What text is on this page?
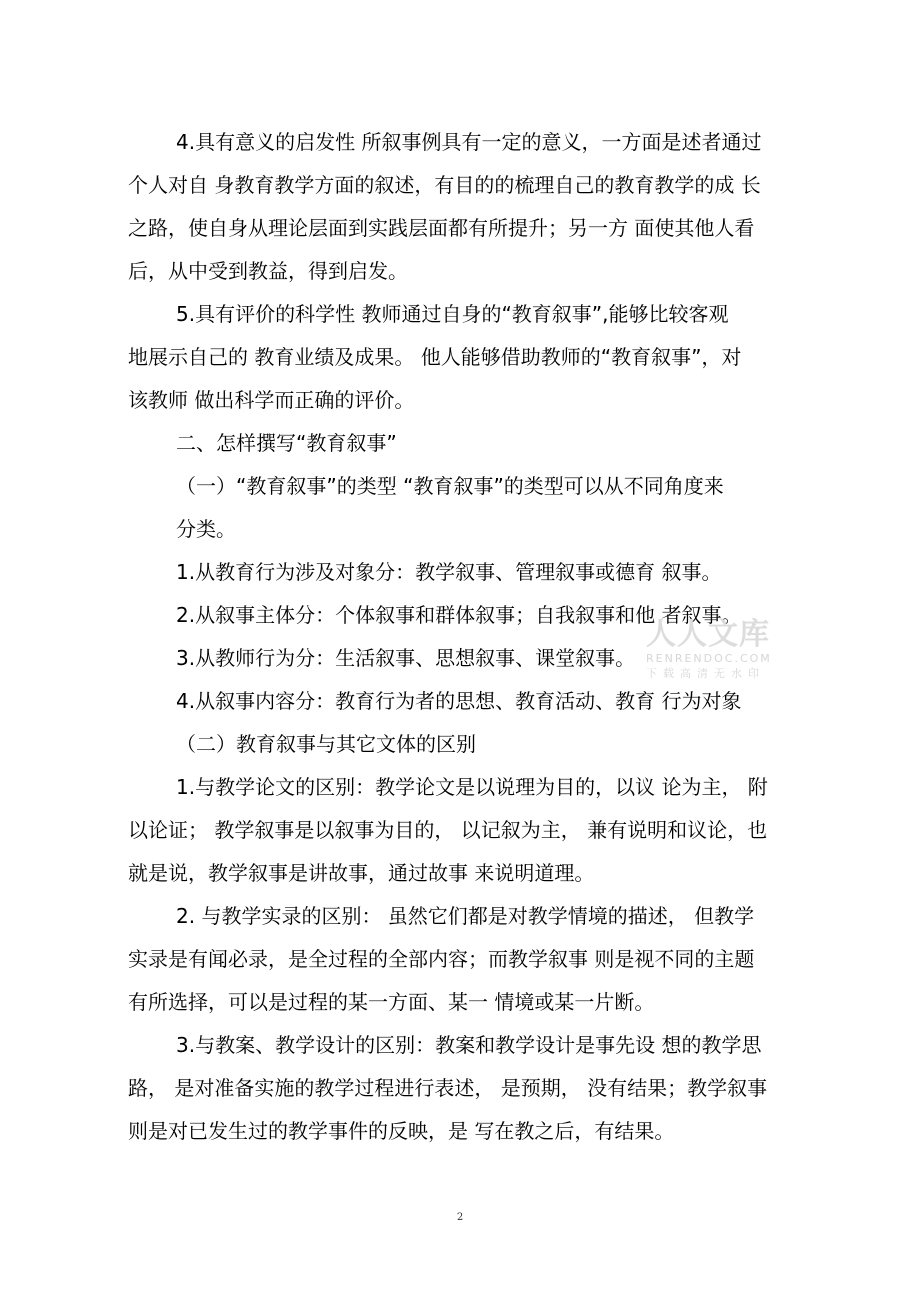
4.具有意义的启发性 所叙事例具有一定的意义，一方面是述者通过
个人对自 身教育教学方面的叙述，有目的的梳理自己的教育教学的成 长
之路，使自身从理论层面到实践层面都有所提升；另一方 面使其他人看
后，从中受到教益，得到启发。

5.具有评价的科学性 教师通过自身的“教育叙事”,能够比较客观
地展示自己的 教育业绩及成果。 他人能够借助教师的“教育叙事”，对
该教师 做出科学而正确的评价。

二、怎样撰写“教育叙事”

（一）“教育叙事”的类型 “教育叙事”的类型可以从不同角度来
分类。

1.从教育行为涉及对象分：教学叙事、管理叙事或德育 叙事。

2.从叙事主体分：个体叙事和群体叙事；自我叙事和他 者叙事。

3.从教师行为分：生活叙事、思想叙事、课堂叙事。

4.从叙事内容分：教育行为者的思想、教育活动、教育 行为对象

（二）教育叙事与其它文体的区别

1.与教学论文的区别：教学论文是以说理为目的，以议 论为主， 附
以论证； 教学叙事是以叙事为目的， 以记叙为主， 兼有说明和议论，也
就是说，教学叙事是讲故事，通过故事 来说明道理。

2. 与教学实录的区别： 虽然它们都是对教学情境的描述， 但教学
实录是有闻必录，是全过程的全部内容；而教学叙事 则是视不同的主题
有所选择，可以是过程的某一方面、某一 情境或某一片断。

3.与教案、教学设计的区别：教案和教学设计是事先设 想的教学思
路， 是对准备实施的教学过程进行表述， 是预期， 没有结果；教学叙事
则是对已发生过的教学事件的反映，是 写在教之后，有结果。

人人文库
RENRENDOC.COM
下载高清无水印
2
